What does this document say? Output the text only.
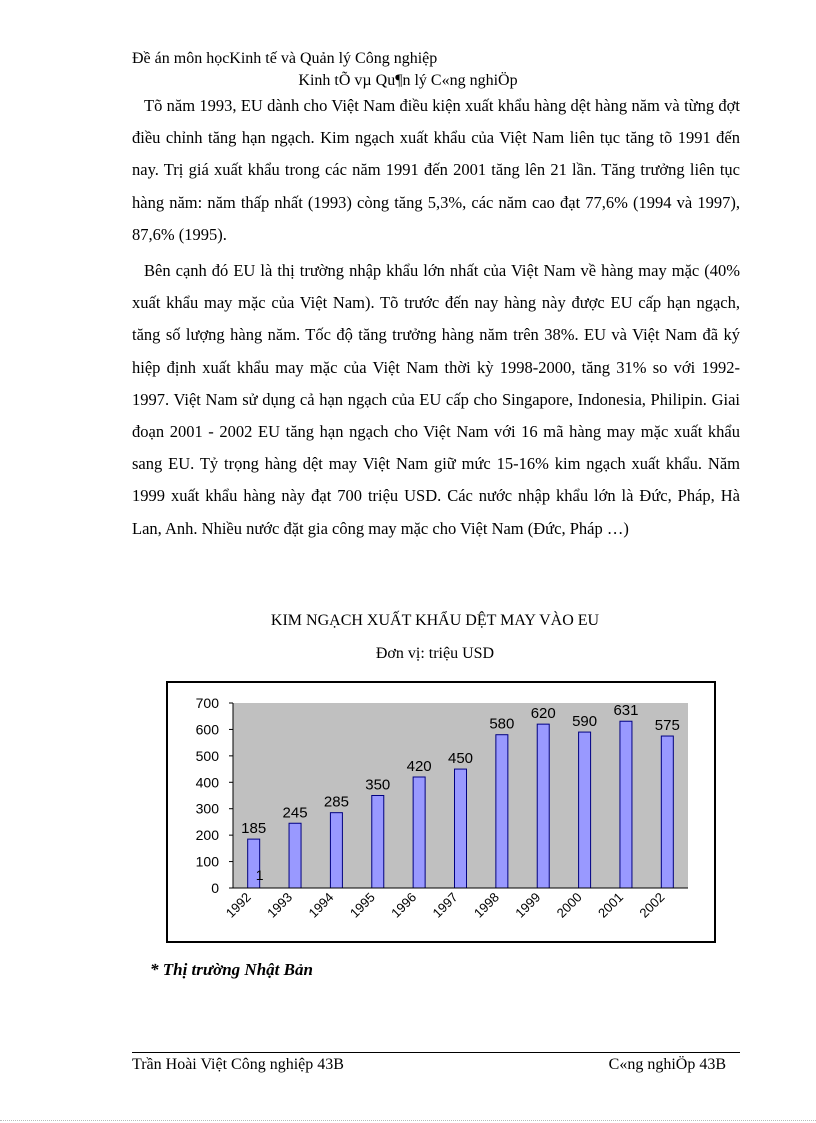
Đề án môn họcKinh tế và Quản lý Công nghiệp
Kinh tÕ vµ Qu¶n lý C«ng nghiÖp

Tõ năm 1993, EU dành cho Việt Nam điều kiện xuất khẩu hàng dệt hàng năm và từng đợt điều chỉnh tăng hạn ngạch. Kim ngạch xuất khẩu của Việt Nam liên tục tăng tõ 1991 đến nay. Trị giá xuất khẩu trong các năm 1991 đến 2001 tăng lên 21 lần. Tăng trưởng liên tục hàng năm: năm thấp nhất (1993) còng tăng 5,3%, các năm cao đạt 77,6% (1994 và 1997), 87,6% (1995).

Bên cạnh đó EU là thị trường nhập khẩu lớn nhất của Việt Nam về hàng may mặc (40% xuất khẩu may mặc của Việt Nam). Tõ trước đến nay hàng này được EU cấp hạn ngạch, tăng số lượng hàng năm. Tốc độ tăng trưởng hàng năm trên 38%. EU và Việt Nam đã ký hiệp định xuất khẩu may mặc của Việt Nam thời kỳ 1998-2000, tăng 31% so với 1992-1997. Việt Nam sử dụng cả hạn ngạch của EU cấp cho Singapore, Indonesia, Philipin. Giai đoạn 2001 - 2002 EU tăng hạn ngạch cho Việt Nam với 16 mã hàng may mặc xuất khẩu sang EU. Tỷ trọng hàng dệt may Việt Nam giữ mức 15-16% kim ngạch xuất khẩu. Năm 1999 xuất khẩu hàng này đạt 700 triệu USD. Các nước nhập khẩu lớn là Đức, Pháp, Hà Lan, Anh. Nhiều nước đặt gia công may mặc cho Việt Nam (Đức, Pháp …)

KIM NGẠCH XUẤT KHẨU DỆT MAY VÀO EU
Đơn vị: triệu USD
0
100
200
300
400
500
600
700
185
1992
245
1993
285
1994
350
1995
420
1996
450
1997
580
1998
620
1999
590
2000
631
2001
575
2002
1
* Thị trường Nhật Bản
Trần Hoài Việt Công nghiệp 43B	C«ng nghiÖp 43B
